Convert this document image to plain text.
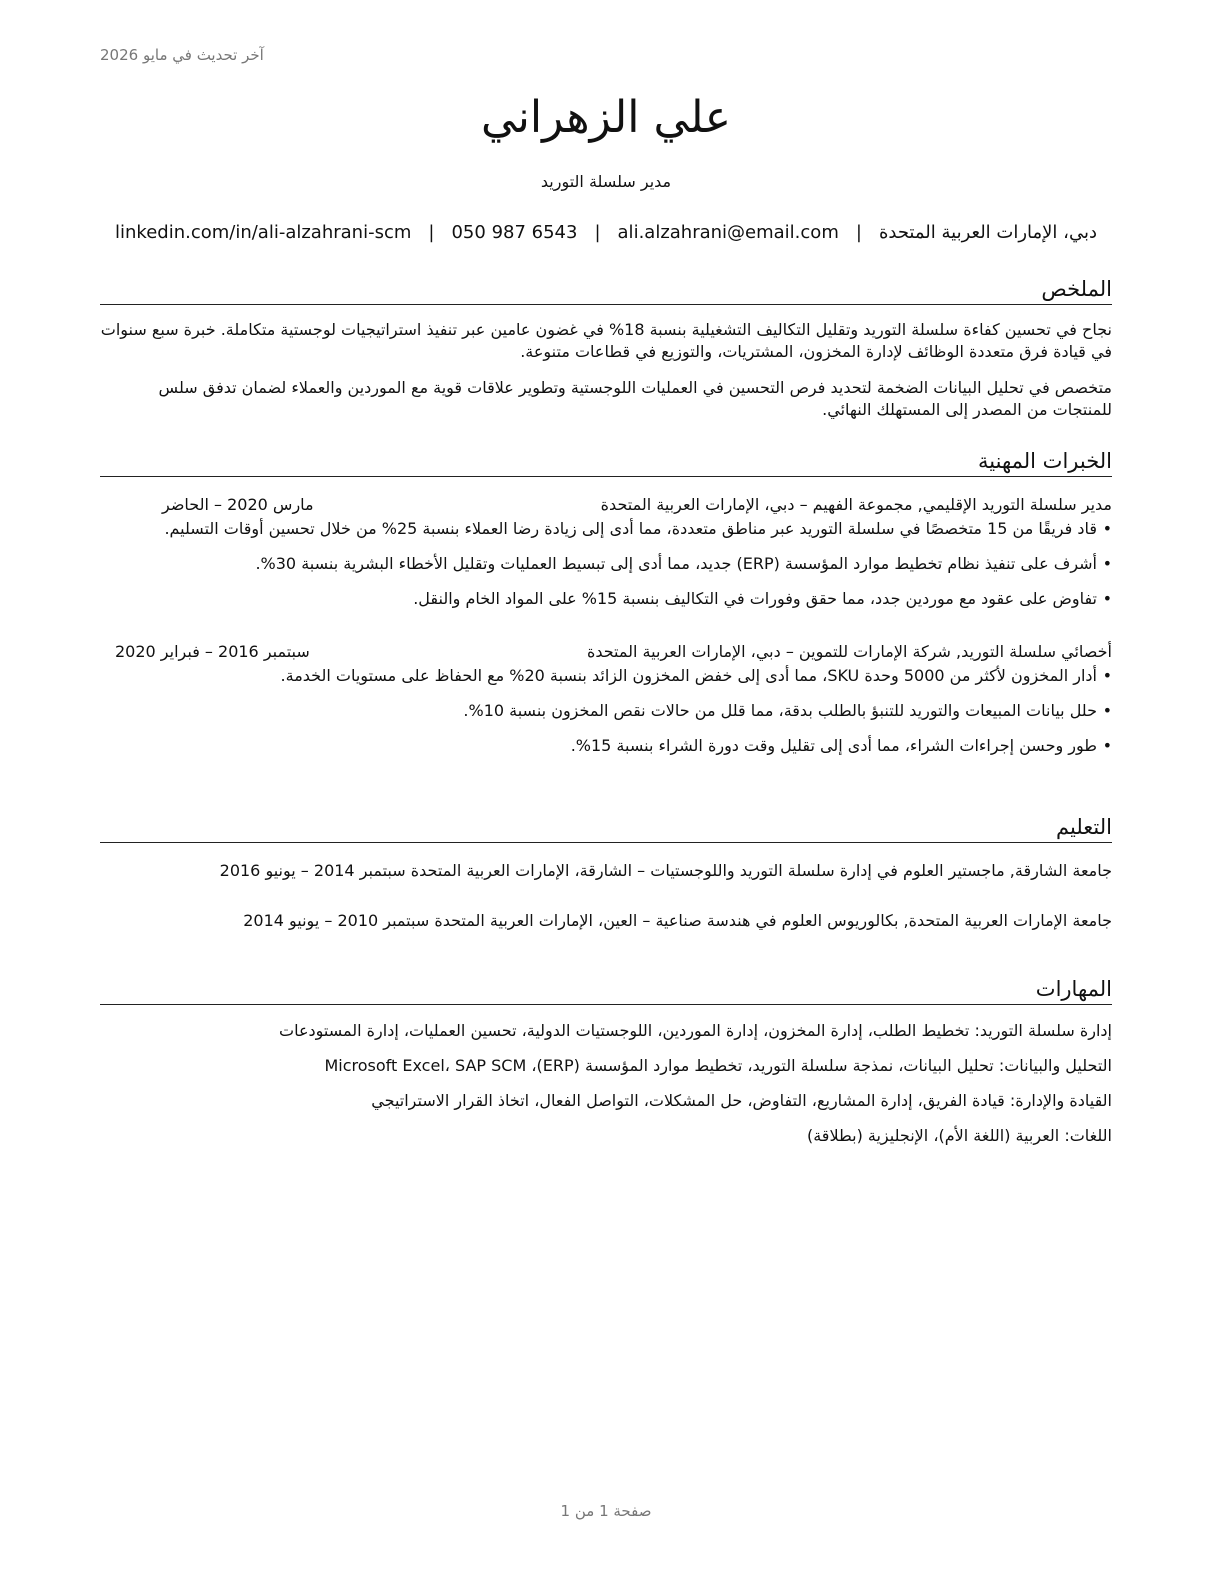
آخر تحديث في مايو 2026
علي الزهراني
مدير سلسلة التوريد
دبي، الإمارات العربية المتحدة
|
ali.alzahrani@email.com
|
050 987 6543
|
linkedin.com/in/ali-alzahrani-scm
الملخص

نجاح في تحسين كفاءة سلسلة التوريد وتقليل التكاليف التشغيلية بنسبة 18% في غضون عامين عبر تنفيذ استراتيجيات لوجستية متكاملة. خبرة سبع سنوات في قيادة فرق متعددة الوظائف لإدارة المخزون، المشتريات، والتوزيع في قطاعات متنوعة.

متخصص في تحليل البيانات الضخمة لتحديد فرص التحسين في العمليات اللوجستية وتطوير علاقات قوية مع الموردين والعملاء لضمان تدفق سلس للمنتجات من المصدر إلى المستهلك النهائي.

الخبرات المهنية
مدير سلسلة التوريد الإقليمي, مجموعة الفهيم – دبي، الإمارات العربية المتحدة
مارس 2020 – الحاضر
• قاد فريقًا من 15 متخصصًا في سلسلة التوريد عبر مناطق متعددة، مما أدى إلى زيادة رضا العملاء بنسبة 25% من خلال تحسين أوقات التسليم.
• أشرف على تنفيذ نظام تخطيط موارد المؤسسة (ERP) جديد، مما أدى إلى تبسيط العمليات وتقليل الأخطاء البشرية بنسبة 30%.
• تفاوض على عقود مع موردين جدد، مما حقق وفورات في التكاليف بنسبة 15% على المواد الخام والنقل.
أخصائي سلسلة التوريد, شركة الإمارات للتموين – دبي، الإمارات العربية المتحدة
سبتمبر 2016 – فبراير 2020
• أدار المخزون لأكثر من 5000 وحدة SKU، مما أدى إلى خفض المخزون الزائد بنسبة 20% مع الحفاظ على مستويات الخدمة.
• حلل بيانات المبيعات والتوريد للتنبؤ بالطلب بدقة، مما قلل من حالات نقص المخزون بنسبة 10%.
• طور وحسن إجراءات الشراء، مما أدى إلى تقليل وقت دورة الشراء بنسبة 15%.
التعليم
جامعة الشارقة, ماجستير العلوم في إدارة سلسلة التوريد واللوجستيات – الشارقة، الإمارات العربية المتحدة سبتمبر 2014 – يونيو 2016
جامعة الإمارات العربية المتحدة, بكالوريوس العلوم في هندسة صناعية – العين، الإمارات العربية المتحدة سبتمبر 2010 – يونيو 2014
المهارات
إدارة سلسلة التوريد: تخطيط الطلب، إدارة المخزون، إدارة الموردين، اللوجستيات الدولية، تحسين العمليات، إدارة المستودعات
التحليل والبيانات: تحليل البيانات، نمذجة سلسلة التوريد، تخطيط موارد المؤسسة (ERP)، Microsoft Excel، SAP SCM
القيادة والإدارة: قيادة الفريق، إدارة المشاريع، التفاوض، حل المشكلات، التواصل الفعال، اتخاذ القرار الاستراتيجي
اللغات: العربية (اللغة الأم)، الإنجليزية (بطلاقة)
صفحة 1 من 1
